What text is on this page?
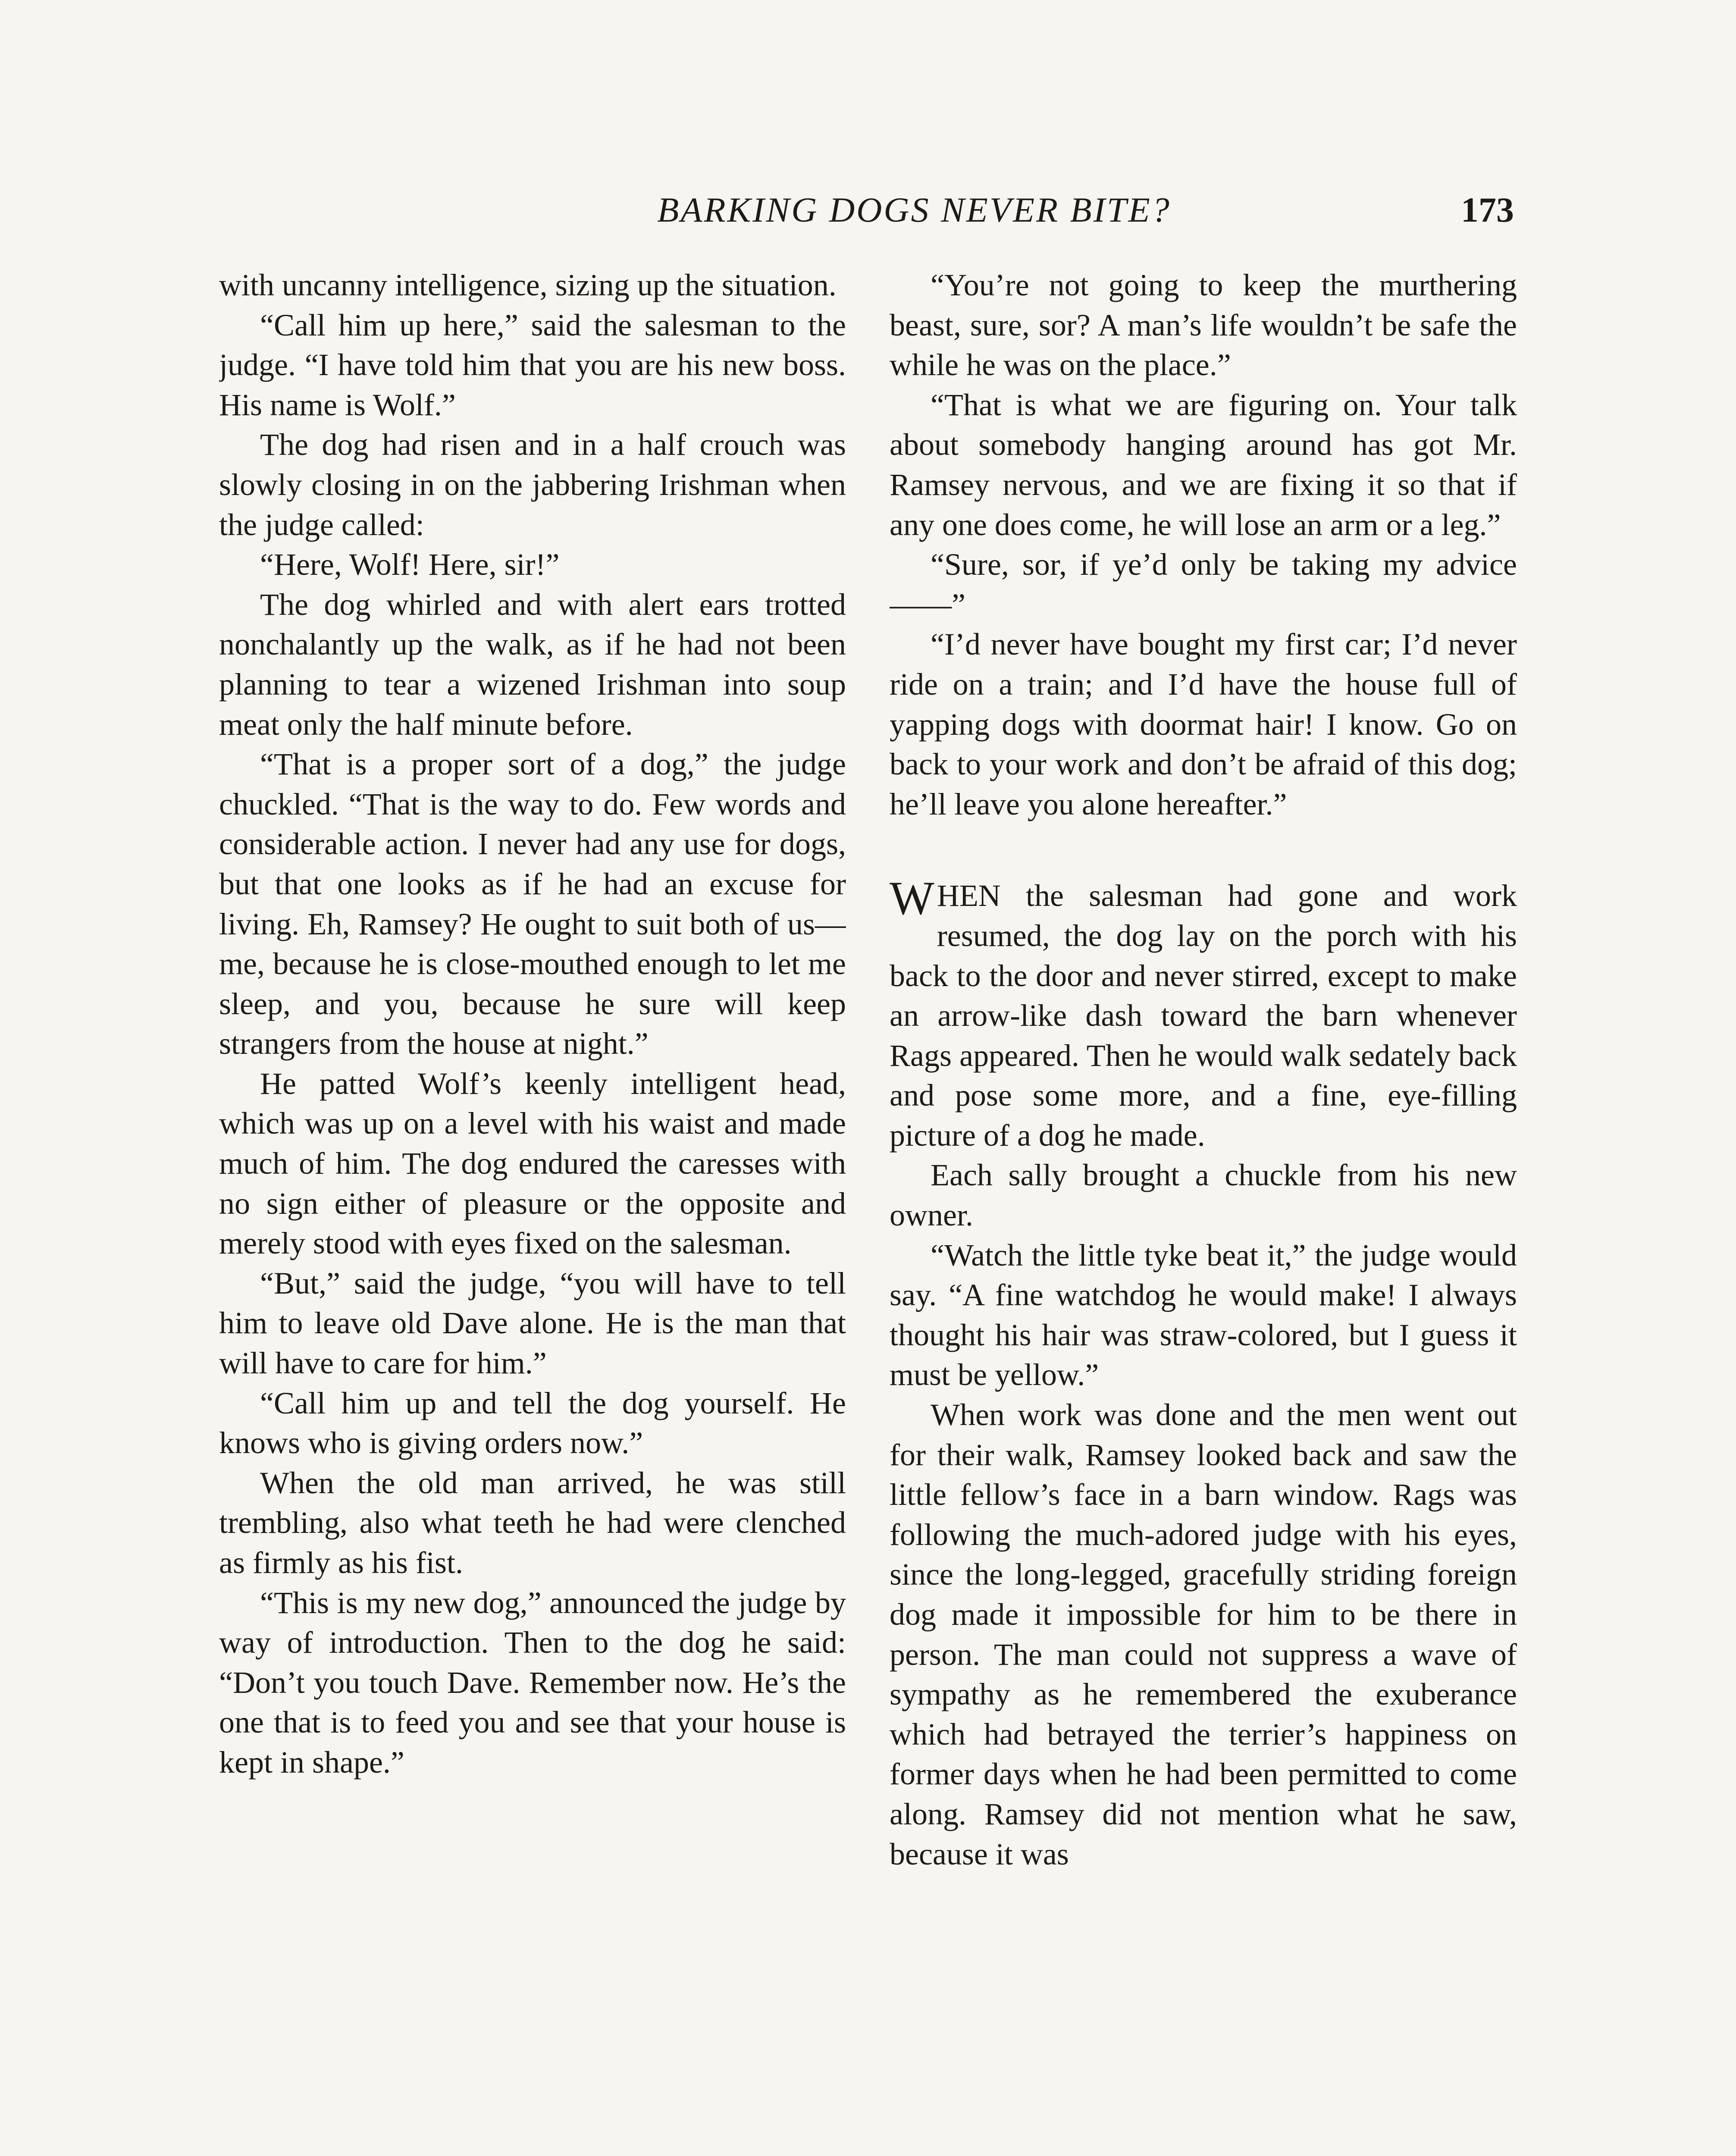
BARKING DOGS NEVER BITE?	173

with uncanny intelligence, sizing up the situation.

“Call him up here,” said the salesman to the judge. “I have told him that you are his new boss. His name is Wolf.”

The dog had risen and in a half crouch was slowly closing in on the jabbering Irishman when the judge called:

“Here, Wolf! Here, sir!”

The dog whirled and with alert ears trotted nonchalantly up the walk, as if he had not been planning to tear a wizened Irishman into soup meat only the half minute before.

“That is a proper sort of a dog,” the judge chuckled. “That is the way to do. Few words and considerable action. I never had any use for dogs, but that one looks as if he had an excuse for living. Eh, Ramsey? He ought to suit both of us—me, because he is close-mouthed enough to let me sleep, and you, because he sure will keep strangers from the house at night.”

He patted Wolf’s keenly intelligent head, which was up on a level with his waist and made much of him. The dog endured the caresses with no sign either of pleasure or the opposite and merely stood with eyes fixed on the salesman.

“But,” said the judge, “you will have to tell him to leave old Dave alone. He is the man that will have to care for him.”

“Call him up and tell the dog yourself. He knows who is giving orders now.”

When the old man arrived, he was still trembling, also what teeth he had were clenched as firmly as his fist.

“This is my new dog,” announced the judge by way of introduction. Then to the dog he said: “Don’t you touch Dave. Remember now. He’s the one that is to feed you and see that your house is kept in shape.”

“You’re not going to keep the murthering beast, sure, sor? A man’s life wouldn’t be safe the while he was on the place.”

“That is what we are figuring on. Your talk about somebody hanging around has got Mr. Ramsey nervous, and we are fixing it so that if any one does come, he will lose an arm or a leg.”

“Sure, sor, if ye’d only be taking my advice——”

“I’d never have bought my first car; I’d never ride on a train; and I’d have the house full of yapping dogs with doormat hair! I know. Go on back to your work and don’t be afraid of this dog; he’ll leave you alone hereafter.”

WHEN the salesman had gone and work resumed, the dog lay on the porch with his back to the door and never stirred, except to make an arrow-like dash toward the barn whenever Rags appeared. Then he would walk sedately back and pose some more, and a fine, eye-filling picture of a dog he made.

Each sally brought a chuckle from his new owner.

“Watch the little tyke beat it,” the judge would say. “A fine watchdog he would make! I always thought his hair was straw-colored, but I guess it must be yellow.”

When work was done and the men went out for their walk, Ramsey looked back and saw the little fellow’s face in a barn window. Rags was following the much-adored judge with his eyes, since the long-legged, gracefully striding foreign dog made it impossible for him to be there in person. The man could not suppress a wave of sympathy as he remembered the exuberance which had betrayed the terrier’s happiness on former days when he had been permitted to come along. Ramsey did not mention what he saw, because it was
